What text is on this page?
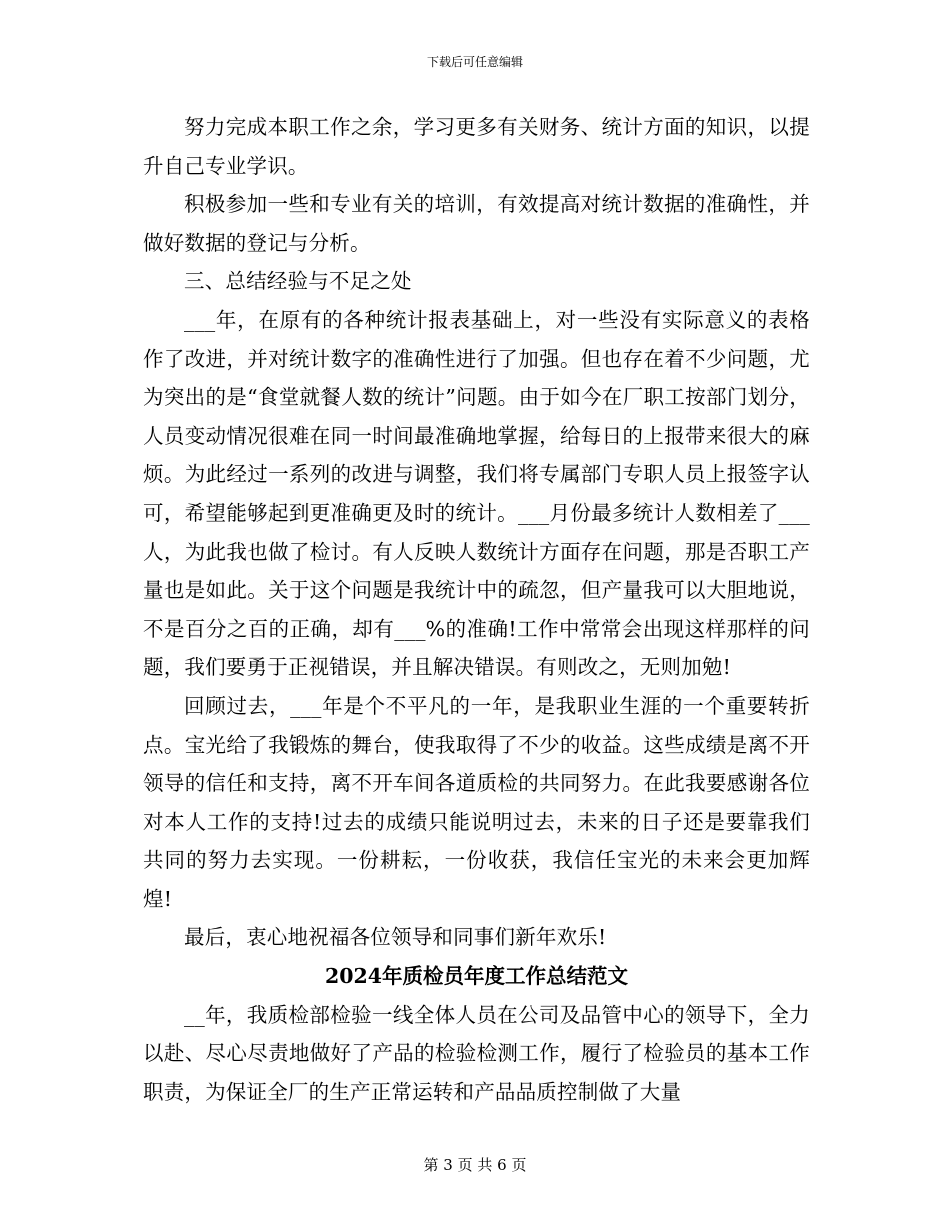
下载后可任意编辑

努力完成本职工作之余，学习更多有关财务、统计方面的知识，以提升自己专业学识。

积极参加一些和专业有关的培训，有效提高对统计数据的准确性，并做好数据的登记与分析。

三、总结经验与不足之处

___年，在原有的各种统计报表基础上，对一些没有实际意义的表格作了改进，并对统计数字的准确性进行了加强。但也存在着不少问题，尤为突出的是“食堂就餐人数的统计”问题。由于如今在厂职工按部门划分，人员变动情况很难在同一时间最准确地掌握，给每日的上报带来很大的麻烦。为此经过一系列的改进与调整，我们将专属部门专职人员上报签字认可，希望能够起到更准确更及时的统计。___月份最多统计人数相差了___人，为此我也做了检讨。有人反映人数统计方面存在问题，那是否职工产量也是如此。关于这个问题是我统计中的疏忽，但产量我可以大胆地说，不是百分之百的正确，却有___%的准确!工作中常常会出现这样那样的问题，我们要勇于正视错误，并且解决错误。有则改之，无则加勉!

回顾过去，___年是个不平凡的一年，是我职业生涯的一个重要转折点。宝光给了我锻炼的舞台，使我取得了不少的收益。这些成绩是离不开领导的信任和支持，离不开车间各道质检的共同努力。在此我要感谢各位对本人工作的支持!过去的成绩只能说明过去，未来的日子还是要靠我们共同的努力去实现。一份耕耘，一份收获，我信任宝光的未来会更加辉煌!

最后，衷心地祝福各位领导和同事们新年欢乐!

2024年质检员年度工作总结范文

__年，我质检部检验一线全体人员在公司及品管中心的领导下，全力以赴、尽心尽责地做好了产品的检验检测工作，履行了检验员的基本工作职责，为保证全厂的生产正常运转和产品品质控制做了大量

第 3 页 共 6 页
